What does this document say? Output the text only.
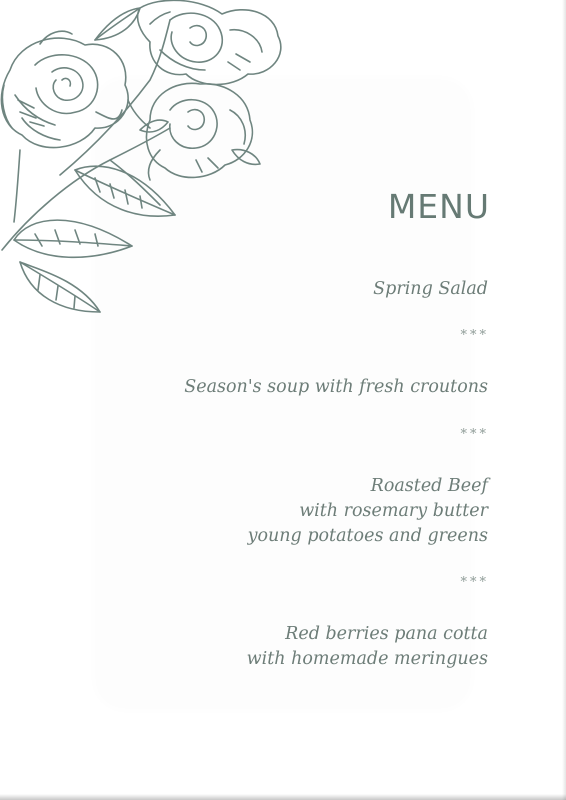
MENU

Spring Salad

***

Season's soup with fresh croutons

***

Roasted Beef

with rosemary butter

young potatoes and greens

***

Red berries pana cotta

with homemade meringues
